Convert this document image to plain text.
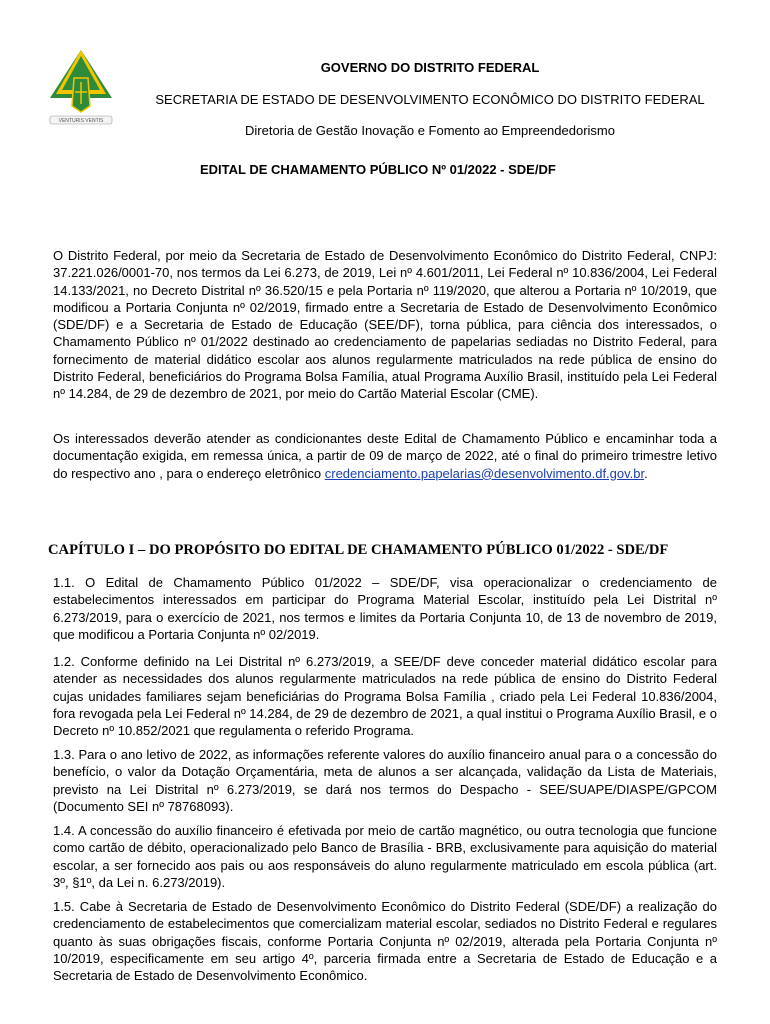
VENTURIS VENTIS
GOVERNO DO DISTRITO FEDERAL
SECRETARIA DE ESTADO DE DESENVOLVIMENTO ECONÔMICO DO DISTRITO FEDERAL
Diretoria de Gestão Inovação e Fomento ao Empreendedorismo
EDITAL DE CHAMAMENTO PÚBLICO Nº 01/2022 - SDE/DF

O Distrito Federal, por meio da Secretaria de Estado de Desenvolvimento Econômico do Distrito Federal, CNPJ: 37.221.026/0001-70, nos termos da Lei 6.273, de 2019, Lei nº 4.601/2011, Lei Federal nº 10.836/2004, Lei Federal 14.133/2021, no Decreto Distrital nº 36.520/15 e pela Portaria nº 119/2020, que alterou a Portaria nº 10/2019, que modificou a Portaria Conjunta nº 02/2019, firmado entre a Secretaria de Estado de Desenvolvimento Econômico (SDE/DF) e a Secretaria de Estado de Educação (SEE/DF), torna pública, para ciência dos interessados, o Chamamento Público nº 01/2022 destinado ao credenciamento de papelarias sediadas no Distrito Federal, para fornecimento de material didático escolar aos alunos regularmente matriculados na rede pública de ensino do Distrito Federal, beneficiários do Programa Bolsa Família, atual Programa Auxílio Brasil, instituído pela Lei Federal nº 14.284, de 29 de dezembro de 2021, por meio do Cartão Material Escolar (CME).

Os interessados deverão atender as condicionantes deste Edital de Chamamento Público e encaminhar toda a documentação exigida, em remessa única, a partir de 09 de março de 2022, até o final do primeiro trimestre letivo do respectivo ano , para o endereço eletrônico credenciamento.papelarias@desenvolvimento.df.gov.br.

CAPÍTULO I – DO PROPÓSITO DO EDITAL DE CHAMAMENTO PÚBLICO 01/2022 - SDE/DF

1.1. O Edital de Chamamento Público 01/2022 – SDE/DF, visa operacionalizar o credenciamento de estabelecimentos interessados em participar do Programa Material Escolar, instituído pela Lei Distrital nº 6.273/2019, para o exercício de 2021, nos termos e limites da Portaria Conjunta 10, de 13 de novembro de 2019, que modificou a Portaria Conjunta nº 02/2019.

1.2. Conforme definido na Lei Distrital nº 6.273/2019, a SEE/DF deve conceder material didático escolar para atender as necessidades dos alunos regularmente matriculados na rede pública de ensino do Distrito Federal cujas unidades familiares sejam beneficiárias do Programa Bolsa Família , criado pela Lei Federal 10.836/2004, fora revogada pela Lei Federal nº 14.284, de 29 de dezembro de 2021, a qual institui o Programa Auxílio Brasil, e o Decreto nº 10.852/2021 que regulamenta o referido Programa.

1.3. Para o ano letivo de 2022, as informações referente valores do auxílio financeiro anual para o a concessão do benefício, o valor da Dotação Orçamentária, meta de alunos a ser alcançada, validação da Lista de Materiais, previsto na Lei Distrital nº 6.273/2019, se dará nos termos do Despacho - SEE/SUAPE/DIASPE/GPCOM (Documento SEI nº 78768093).

1.4. A concessão do auxílio financeiro é efetivada por meio de cartão magnético, ou outra tecnologia que funcione como cartão de débito, operacionalizado pelo Banco de Brasília - BRB, exclusivamente para aquisição do material escolar, a ser fornecido aos pais ou aos responsáveis do aluno regularmente matriculado em escola pública (art. 3º, §1º, da Lei n. 6.273/2019).

1.5. Cabe à Secretaria de Estado de Desenvolvimento Econômico do Distrito Federal (SDE/DF) a realização do credenciamento de estabelecimentos que comercializam material escolar, sediados no Distrito Federal e regulares quanto às suas obrigações fiscais, conforme Portaria Conjunta nº 02/2019, alterada pela Portaria Conjunta nº 10/2019, especificamente em seu artigo 4º, parceria firmada entre a Secretaria de Estado de Educação e a Secretaria de Estado de Desenvolvimento Econômico.
